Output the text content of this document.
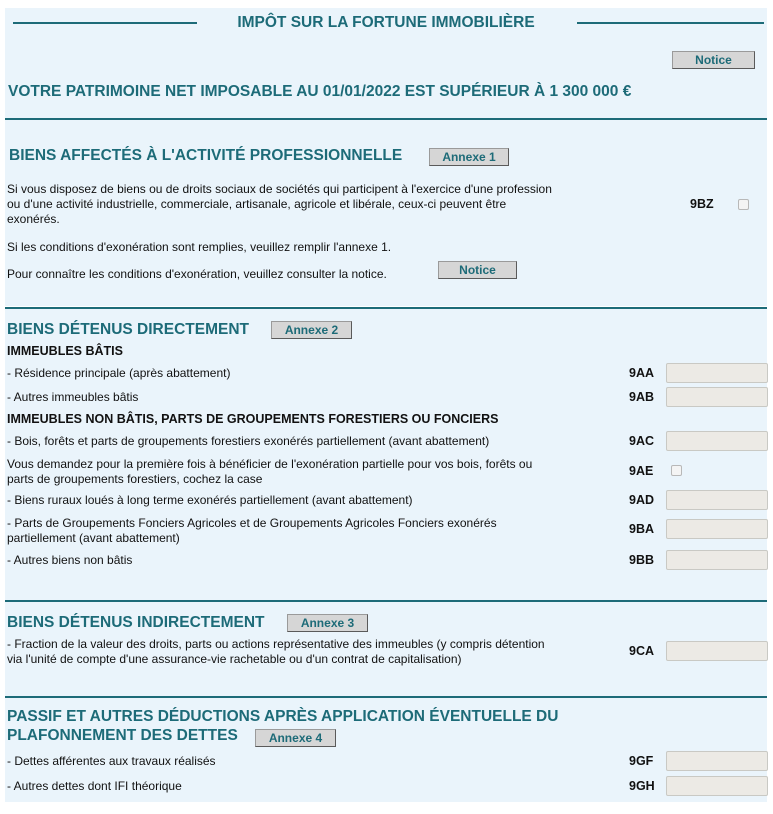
IMPÔT SUR LA FORTUNE IMMOBILIÈRE
Notice
VOTRE PATRIMOINE NET IMPOSABLE AU 01/01/2022 EST SUPÉRIEUR À 1 300 000 €
BIENS AFFECTÉS À L'ACTIVITÉ PROFESSIONNELLE	Annexe 1
Si vous disposez de biens ou de droits sociaux de sociétés qui participent à l'exercice d'une profession
ou d'une activité industrielle, commerciale, artisanale, agricole et libérale, ceux-ci peuvent être
exonérés.
9BZ
Si les conditions d'exonération sont remplies, veuillez remplir l'annexe 1.
Pour connaître les conditions d'exonération, veuillez consulter la notice.	Notice
BIENS DÉTENUS DIRECTEMENT	Annexe 2
IMMEUBLES BÂTIS
- Résidence principale (après abattement)	9AA
- Autres immeubles bâtis	9AB
IMMEUBLES NON BÂTIS, PARTS DE GROUPEMENTS FORESTIERS OU FONCIERS
- Bois, forêts et parts de groupements forestiers exonérés partiellement (avant abattement)	9AC
Vous demandez pour la première fois à bénéficier de l'exonération partielle pour vos bois, forêts ou
parts de groupements forestiers, cochez la case
9AE
- Biens ruraux loués à long terme exonérés partiellement (avant abattement)	9AD
- Parts de Groupements Fonciers Agricoles et de Groupements Agricoles Fonciers exonérés
partiellement (avant abattement)
9BA
- Autres biens non bâtis	9BB
BIENS DÉTENUS INDIRECTEMENT	Annexe 3
- Fraction de la valeur des droits, parts ou actions représentative des immeubles (y compris détention
via l'unité de compte d'une assurance-vie rachetable ou d'un contrat de capitalisation)
9CA
PASSIF ET AUTRES DÉDUCTIONS APRÈS APPLICATION ÉVENTUELLE DU
PLAFONNEMENT DES DETTES	Annexe 4
- Dettes afférentes aux travaux réalisés	9GF
- Autres dettes dont IFI théorique	9GH
